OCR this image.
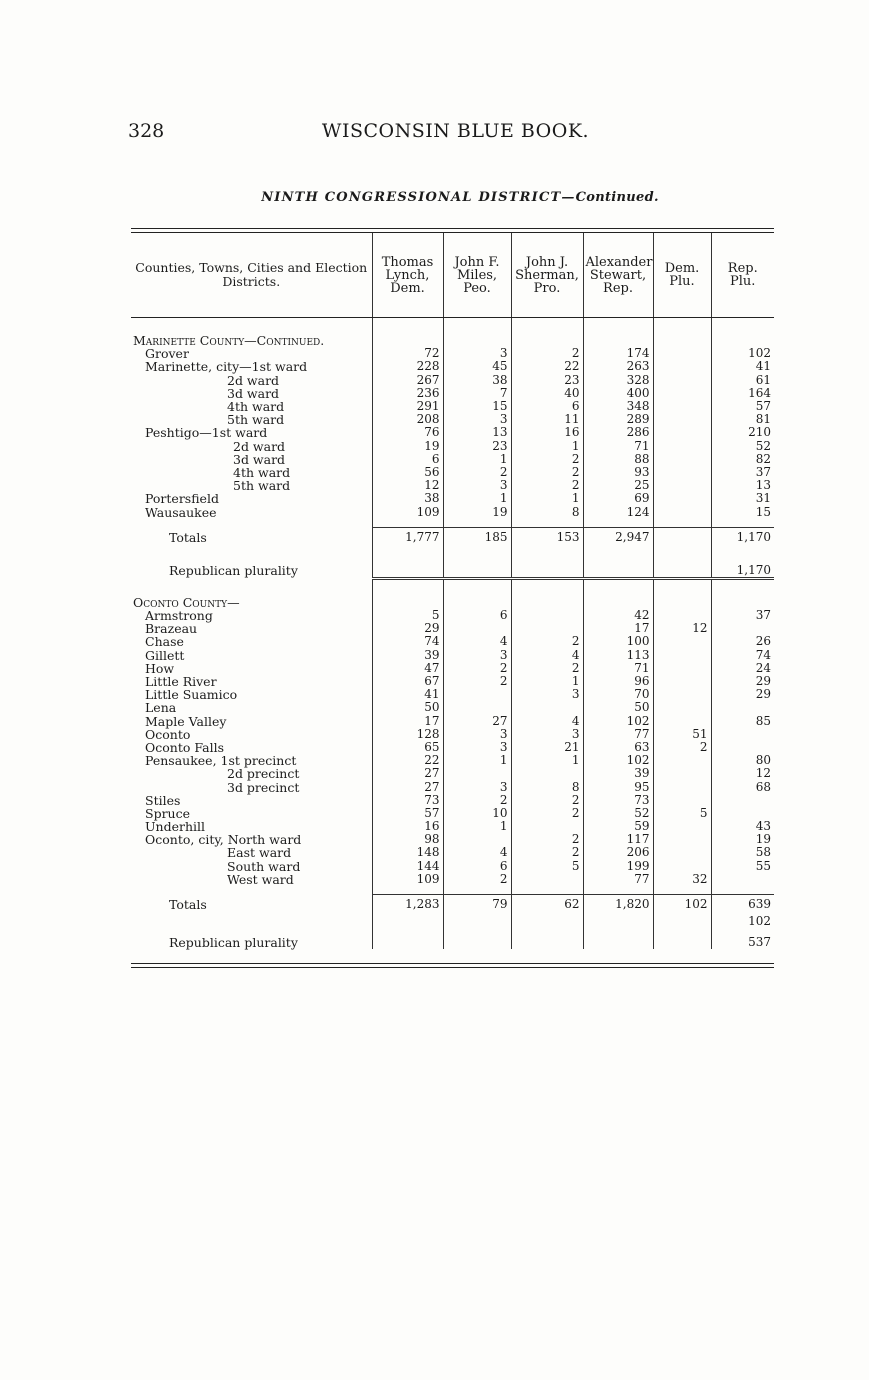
328	WISCONSIN BLUE BOOK.
NINTH CONGRESSIONAL DISTRICT—Continued.
Counties, Towns, Cities and Election Districts.	Thomas Lynch, Dem.	John F. Miles, Peo.	John J. Sherman, Pro.	Alexander Stewart, Rep.	Dem. Plu.	Rep. Plu.

Marinette County—Continued.						
Grover	72	3	2	174		102
Marinette, city—1st ward	228	45	22	263		41
2d ward	267	38	23	328		61
3d ward	236	7	40	400		164
4th ward	291	15	6	348		57
5th ward	208	3	11	289		81
Peshtigo—1st ward	76	13	16	286		210
2d ward	19	23	1	71		52
3d ward	6	1	2	88		82
4th ward	56	2	2	93		37
5th ward	12	3	2	25		13
Portersfield	38	1	1	69		31
Wausaukee	109	19	8	124		15

Totals	1,777	185	153	2,947		1,170

Republican plurality						1,170

Oconto County—						
Armstrong	5	6		42		37
Brazeau	29			17	12	
Chase	74	4	2	100		26
Gillett	39	3	4	113		74
How	47	2	2	71		24
Little River	67	2	1	96		29
Little Suamico	41		3	70		29
Lena	50			50		
Maple Valley	17	27	4	102		85
Oconto	128	3	3	77	51	
Oconto Falls	65	3	21	63	2	
Pensaukee, 1st precinct	22	1	1	102		80
2d precinct	27			39		12
3d precinct	27	3	8	95		68
Stiles	73	2	2	73		
Spruce	57	10	2	52	5	
Underhill	16	1		59		43
Oconto, city, North ward	98		2	117		19
East ward	148	4	2	206		58
South ward	144	6	5	199		55
West ward	109	2		77	32	

Totals	1,283	79	62	1,820	102	639
						102

Republican plurality						537
